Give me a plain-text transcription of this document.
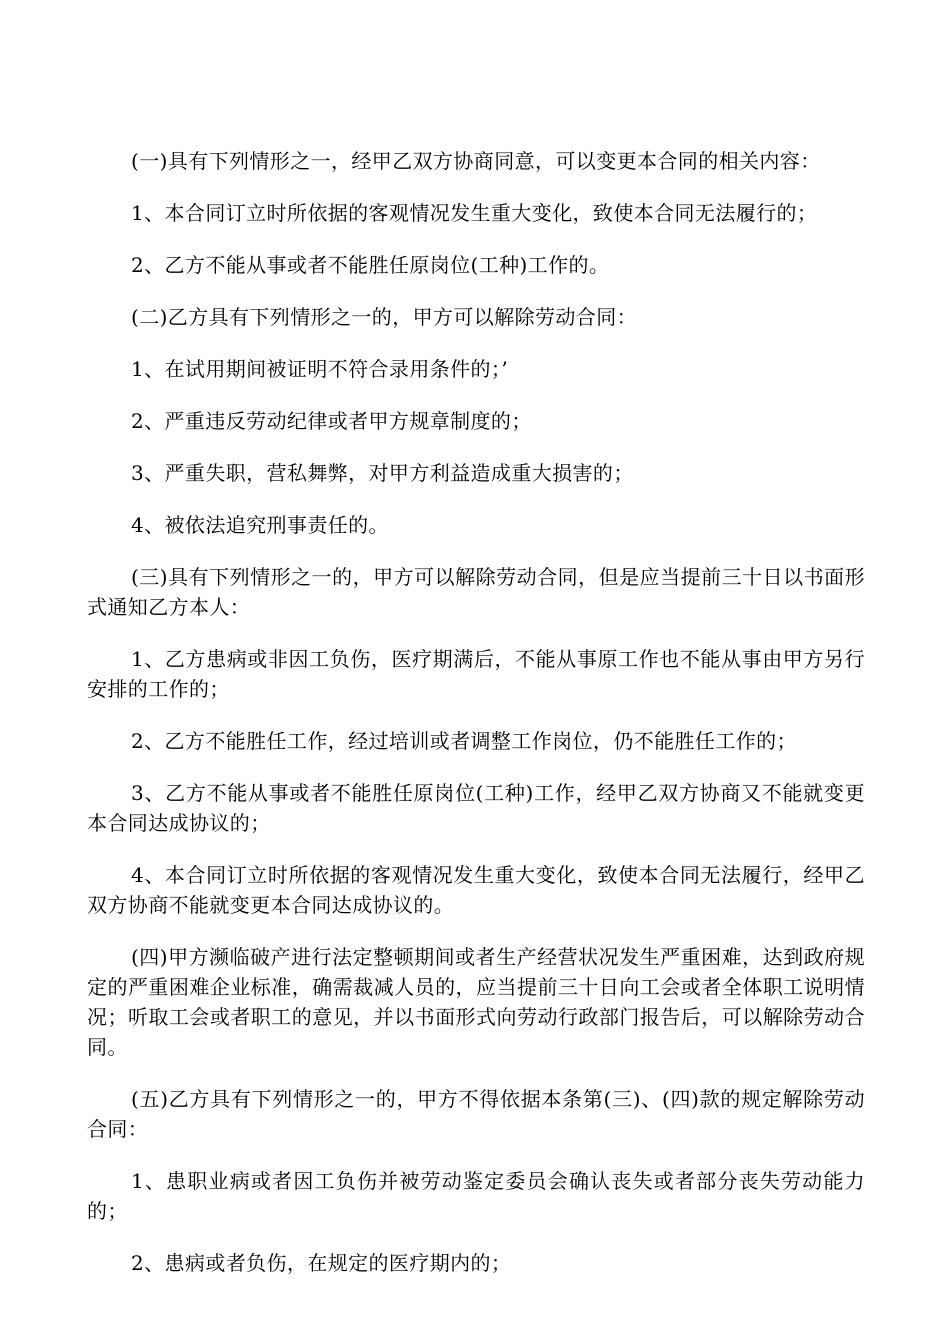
(一)具有下列情形之一，经甲乙双方协商同意，可以变更本合同的相关内容：

1、本合同订立时所依据的客观情况发生重大变化，致使本合同无法履行的；

2、乙方不能从事或者不能胜任原岗位(工种)工作的。

(二)乙方具有下列情形之一的，甲方可以解除劳动合同：

1、在试用期间被证明不符合录用条件的；’

2、严重违反劳动纪律或者甲方规章制度的；

3、严重失职，营私舞弊，对甲方利益造成重大损害的；

4、被依法追究刑事责任的。

(三)具有下列情形之一的，甲方可以解除劳动合同，但是应当提前三十日以书面形式通知乙方本人：

1、乙方患病或非因工负伤，医疗期满后，不能从事原工作也不能从事由甲方另行安排的工作的；

2、乙方不能胜任工作，经过培训或者调整工作岗位，仍不能胜任工作的；

3、乙方不能从事或者不能胜任原岗位(工种)工作，经甲乙双方协商又不能就变更本合同达成协议的；

4、本合同订立时所依据的客观情况发生重大变化，致使本合同无法履行，经甲乙双方协商不能就变更本合同达成协议的。

(四)甲方濒临破产进行法定整顿期间或者生产经营状况发生严重困难，达到政府规定的严重困难企业标准，确需裁减人员的，应当提前三十日向工会或者全体职工说明情况；听取工会或者职工的意见，并以书面形式向劳动行政部门报告后，可以解除劳动合同。

(五)乙方具有下列情形之一的，甲方不得依据本条第(三)、(四)款的规定解除劳动合同：

1、患职业病或者因工负伤并被劳动鉴定委员会确认丧失或者部分丧失劳动能力的；

2、患病或者负伤，在规定的医疗期内的；
